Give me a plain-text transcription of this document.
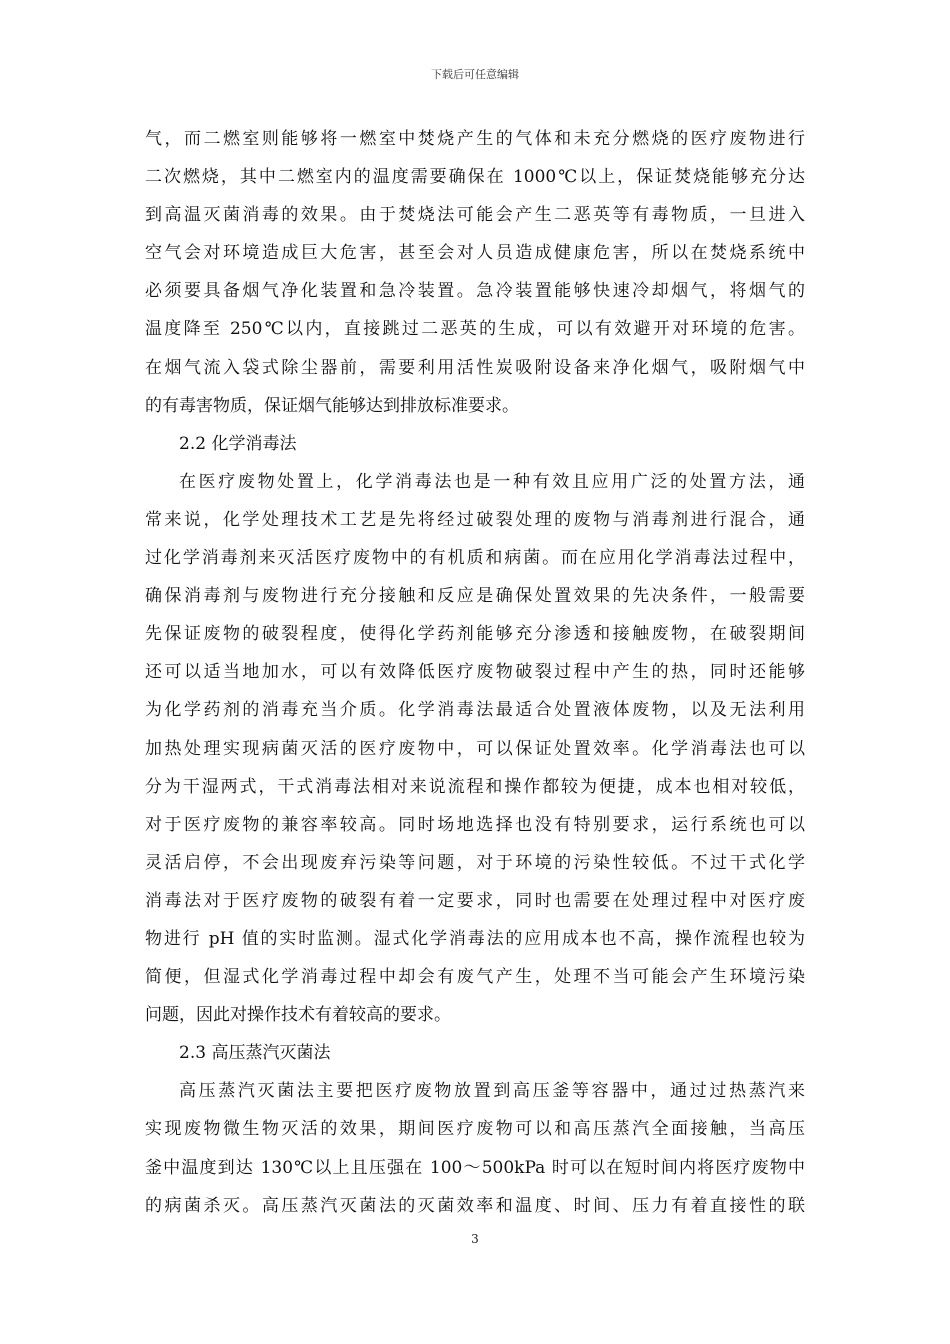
下载后可任意编辑
气，而二燃室则能够将一燃室中焚烧产生的气体和未充分燃烧的医疗废物进行
二次燃烧，其中二燃室内的温度需要确保在 1000℃以上，保证焚烧能够充分达
到高温灭菌消毒的效果。由于焚烧法可能会产生二恶英等有毒物质，一旦进入
空气会对环境造成巨大危害，甚至会对人员造成健康危害，所以在焚烧系统中
必须要具备烟气净化装置和急冷装置。急冷装置能够快速冷却烟气，将烟气的
温度降至 250℃以内，直接跳过二恶英的生成，可以有效避开对环境的危害。
在烟气流入袋式除尘器前，需要利用活性炭吸附设备来净化烟气，吸附烟气中
的有毒害物质，保证烟气能够达到排放标准要求。
2.2 化学消毒法
在医疗废物处置上，化学消毒法也是一种有效且应用广泛的处置方法，通
常来说，化学处理技术工艺是先将经过破裂处理的废物与消毒剂进行混合，通
过化学消毒剂来灭活医疗废物中的有机质和病菌。而在应用化学消毒法过程中，
确保消毒剂与废物进行充分接触和反应是确保处置效果的先决条件，一般需要
先保证废物的破裂程度，使得化学药剂能够充分渗透和接触废物，在破裂期间
还可以适当地加水，可以有效降低医疗废物破裂过程中产生的热，同时还能够
为化学药剂的消毒充当介质。化学消毒法最适合处置液体废物，以及无法利用
加热处理实现病菌灭活的医疗废物中，可以保证处置效率。化学消毒法也可以
分为干湿两式，干式消毒法相对来说流程和操作都较为便捷，成本也相对较低，
对于医疗废物的兼容率较高。同时场地选择也没有特别要求，运行系统也可以
灵活启停，不会出现废弃污染等问题，对于环境的污染性较低。不过干式化学
消毒法对于医疗废物的破裂有着一定要求，同时也需要在处理过程中对医疗废
物进行 pH 值的实时监测。湿式化学消毒法的应用成本也不高，操作流程也较为
简便，但湿式化学消毒过程中却会有废气产生，处理不当可能会产生环境污染
问题，因此对操作技术有着较高的要求。
2.3 高压蒸汽灭菌法
高压蒸汽灭菌法主要把医疗废物放置到高压釜等容器中，通过过热蒸汽来
实现废物微生物灭活的效果，期间医疗废物可以和高压蒸汽全面接触，当高压
釜中温度到达 130℃以上且压强在 100～500kPa 时可以在短时间内将医疗废物中
的病菌杀灭。高压蒸汽灭菌法的灭菌效率和温度、时间、压力有着直接性的联
3
